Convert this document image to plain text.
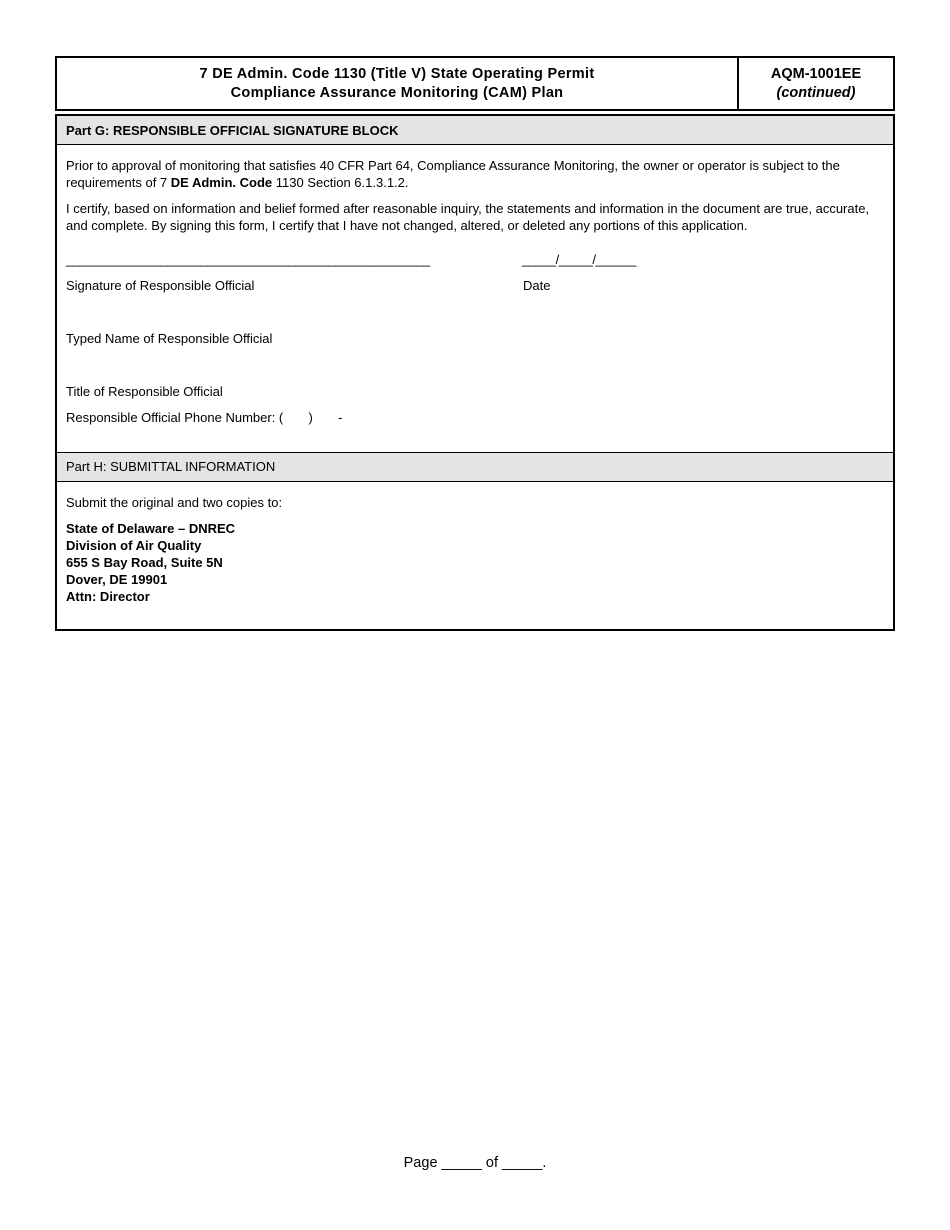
7 DE Admin. Code 1130 (Title V) State Operating Permit
Compliance Assurance Monitoring (CAM) Plan
AQM-1001EE
(continued)
Part G: RESPONSIBLE OFFICIAL SIGNATURE BLOCK

Prior to approval of monitoring that satisfies 40 CFR Part 64, Compliance Assurance Monitoring, the owner or operator is subject to the requirements of 7 DE Admin. Code 1130 Section 6.1.3.1.2.

I certify, based on information and belief formed after reasonable inquiry, the statements and information in the document are true, accurate, and complete. By signing this form, I certify that I have not changed, altered, or deleted any portions of this application.

______________________________________________________	_____/_____/______
Signature of Responsible Official	Date
Typed Name of Responsible Official
Title of Responsible Official
Responsible Official Phone Number: (       )       -
Part H: SUBMITTAL INFORMATION
Submit the original and two copies to:
State of Delaware – DNREC
Division of Air Quality
655 S Bay Road, Suite 5N
Dover, DE 19901
Attn: Director
Page _____ of _____.
